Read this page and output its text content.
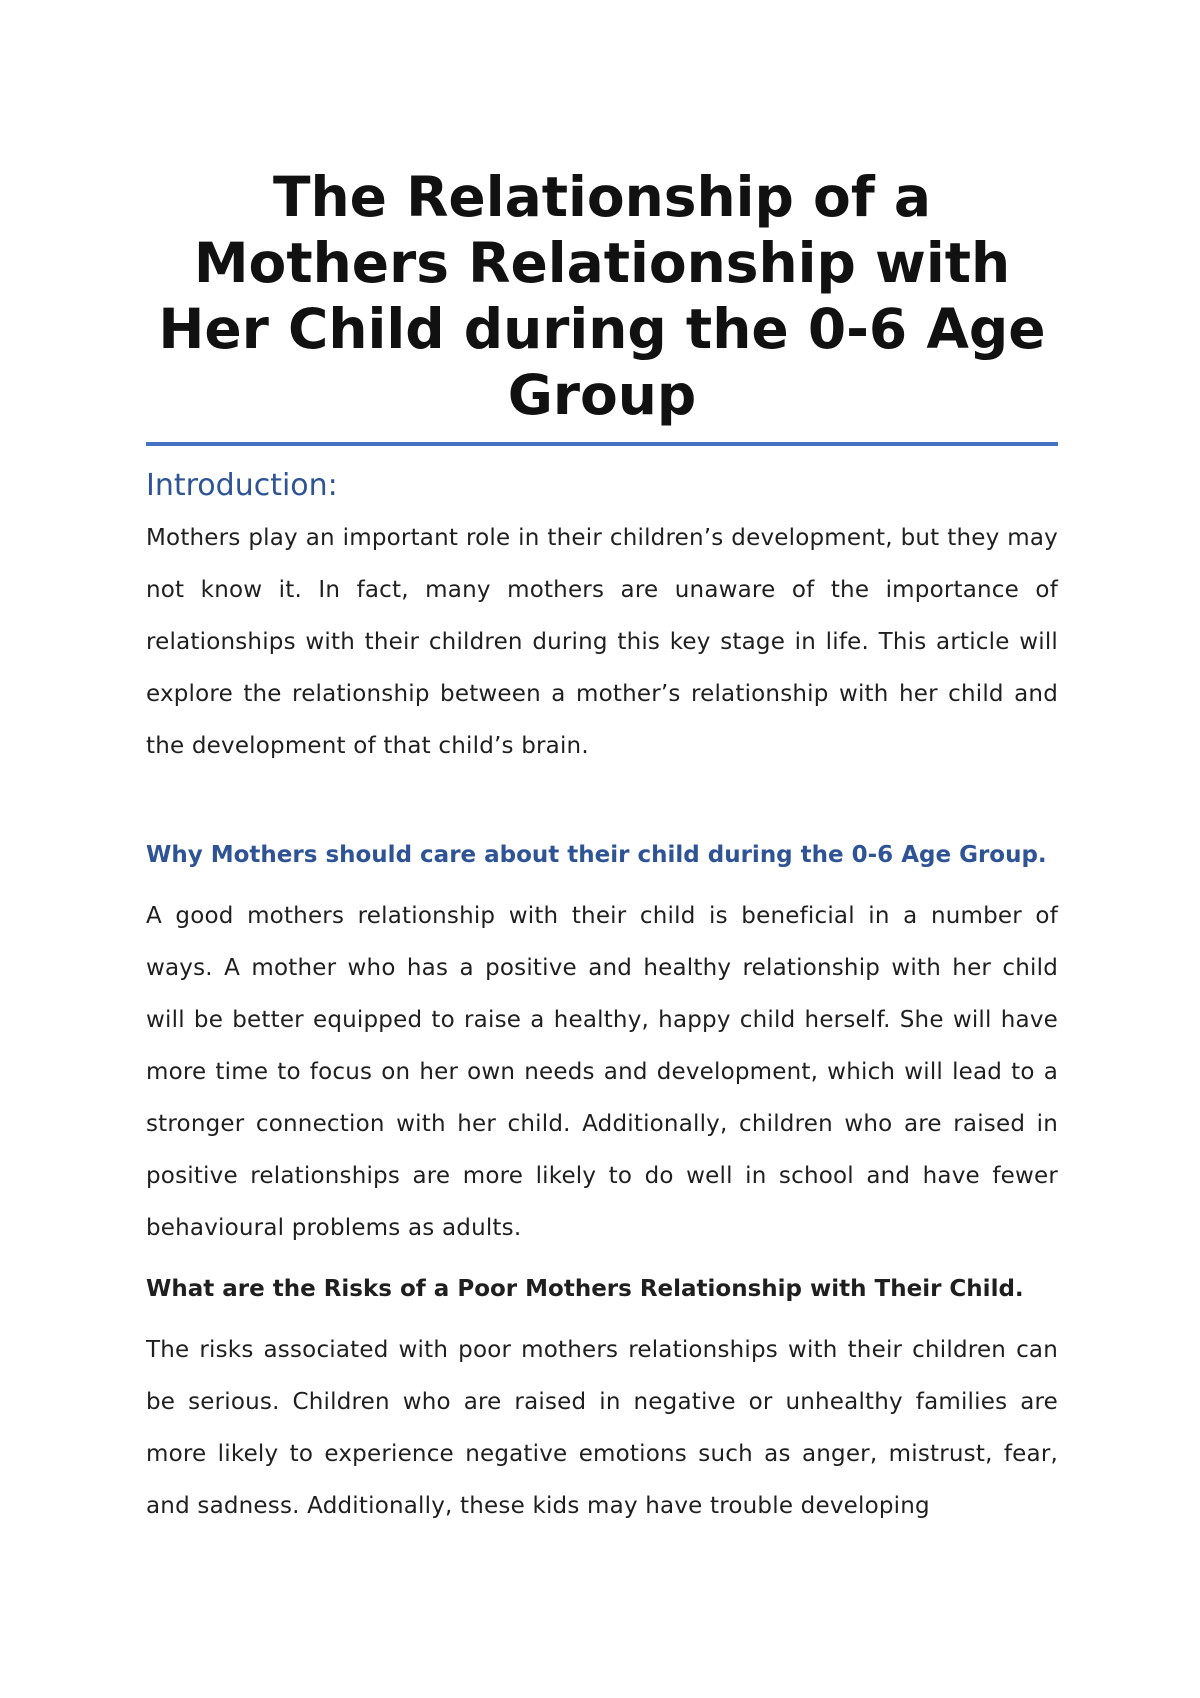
The Relationship of a Mothers Relationship with Her Child during the 0-6 Age Group
Introduction:

Mothers play an important role in their children’s development, but they may not know it. In fact, many mothers are unaware of the importance of relationships with their children during this key stage in life. This article will explore the relationship between a mother’s relationship with her child and the development of that child’s brain.

Why Mothers should care about their child during the 0-6 Age Group.

A good mothers relationship with their child is beneficial in a number of ways. A mother who has a positive and healthy relationship with her child will be better equipped to raise a healthy, happy child herself. She will have more time to focus on her own needs and development, which will lead to a stronger connection with her child. Additionally, children who are raised in positive relationships are more likely to do well in school and have fewer behavioural problems as adults.

What are the Risks of a Poor Mothers Relationship with Their Child.

The risks associated with poor mothers relationships with their children can be serious. Children who are raised in negative or unhealthy families are more likely to experience negative emotions such as anger, mistrust, fear, and sadness. Additionally, these kids may have trouble developing
